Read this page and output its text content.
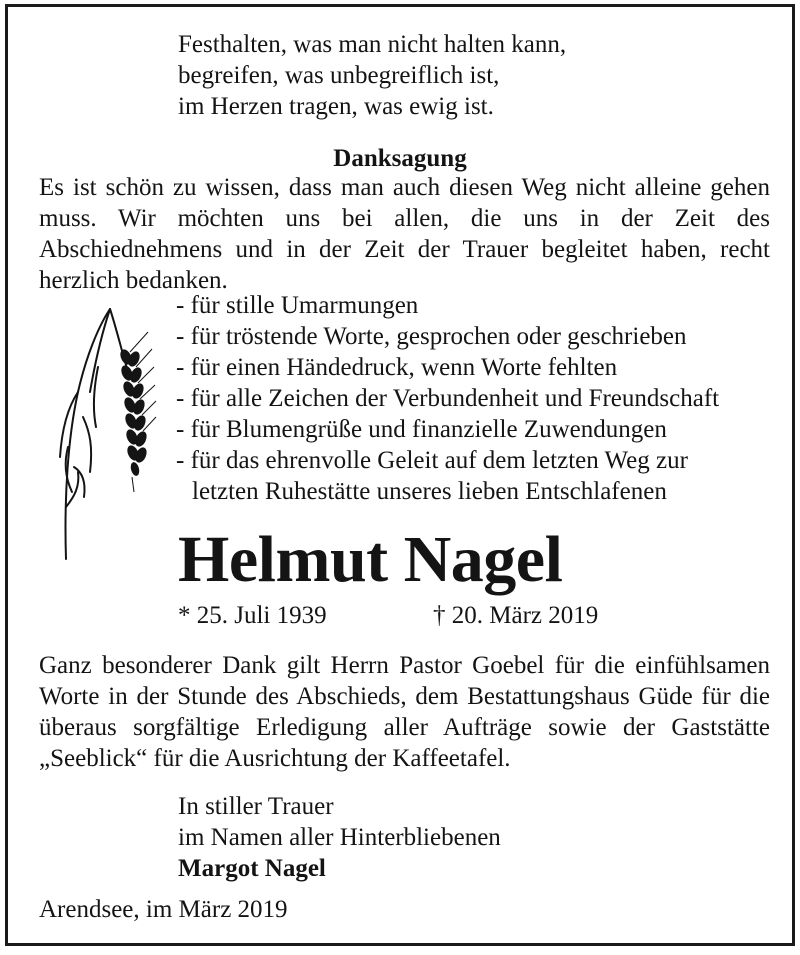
Festhalten, was man nicht halten kann,
begreifen, was unbegreiflich ist,
im Herzen tragen, was ewig ist.
Danksagung
Es ist schön zu wissen, dass man auch diesen Weg nicht alleine gehen muss. Wir möchten uns bei allen, die uns in der Zeit des Abschiednehmens und in der Zeit der Trauer begleitet haben, recht herzlich bedanken.
- für stille Umarmungen
- für tröstende Worte, gesprochen oder geschrieben
- für einen Händedruck, wenn Worte fehlten
- für alle Zeichen der Verbundenheit und Freundschaft
- für Blumengrüße und finanzielle Zuwendungen
- für das ehrenvolle Geleit auf dem letzten Weg zur
letzten Ruhestätte unseres lieben Entschlafenen
Helmut Nagel
* 25. Juli 1939	† 20. März 2019
Ganz besonderer Dank gilt Herrn Pastor Goebel für die einfühlsamen Worte in der Stunde des Abschieds, dem Bestattungshaus Güde für die überaus sorgfältige Erledigung aller Aufträge sowie der Gaststätte „Seeblick“ für die Ausrichtung der Kaffeetafel.
In stiller Trauer
im Namen aller Hinterbliebenen
Margot Nagel
Arendsee, im März 2019
